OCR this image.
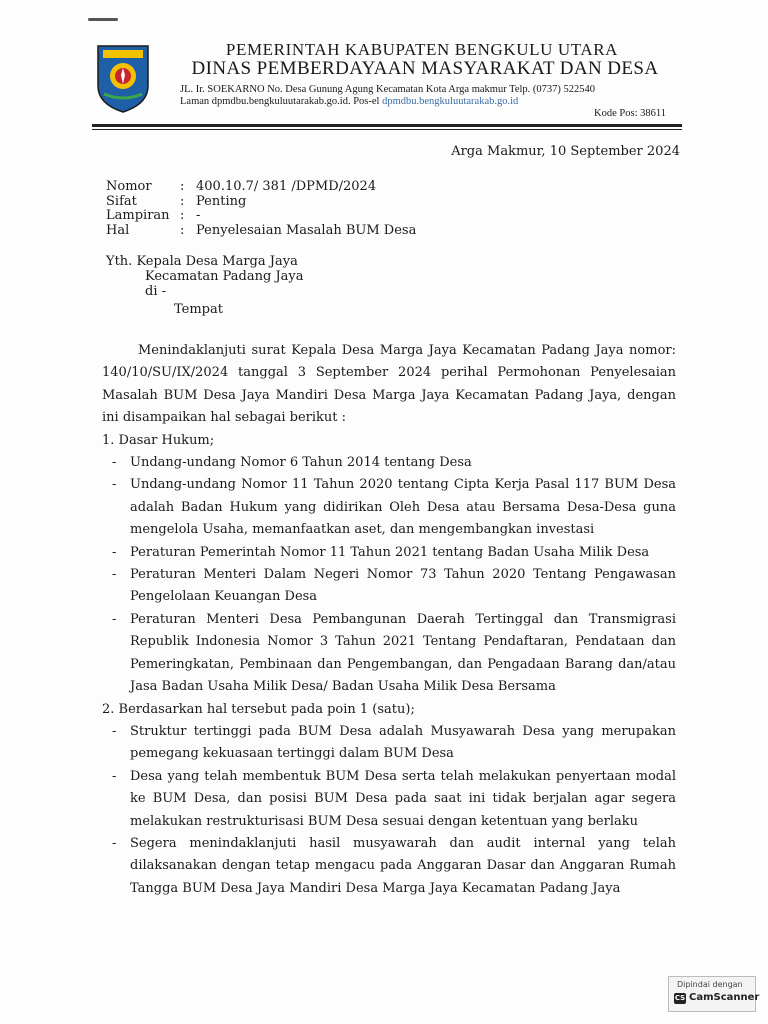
PEMERINTAH KABUPATEN BENGKULU UTARA
DINAS PEMBERDAYAAN MASYARAKAT DAN DESA
JL. Ir. SOEKARNO No. Desa Gunung Agung Kecamatan Kota Arga makmur Telp. (0737) 522540
Laman dpmdbu.bengkuluutarakab.go.id. Pos-el dpmdbu.bengkuluutarakab.go.id
Kode Pos: 38611
Arga Makmur, 10 September 2024
Nomor	: 400.10.7/ 381 /DPMD/2024
Sifat	: Penting
Lampiran : -
Hal	: Penyelesaian Masalah BUM Desa
Yth. Kepala Desa Marga Jaya
Kecamatan Padang Jaya
di -
Tempat

Menindaklanjuti surat Kepala Desa Marga Jaya Kecamatan Padang Jaya nomor: 140/10/SU/IX/2024 tanggal 3 September 2024 perihal Permohonan Penyelesaian Masalah BUM Desa Jaya Mandiri Desa Marga Jaya Kecamatan Padang Jaya, dengan ini disampaikan hal sebagai berikut :

1. Dasar Hukum;

-	Undang-undang Nomor 6 Tahun 2014 tentang Desa
-	Undang-undang Nomor 11 Tahun 2020 tentang Cipta Kerja Pasal 117 BUM Desa adalah Badan Hukum yang didirikan Oleh Desa atau Bersama Desa-Desa guna mengelola Usaha, memanfaatkan aset, dan mengembangkan investasi
-	Peraturan Pemerintah Nomor 11 Tahun 2021 tentang Badan Usaha Milik Desa
-	Peraturan Menteri Dalam Negeri Nomor 73 Tahun 2020 Tentang Pengawasan Pengelolaan Keuangan Desa
-	Peraturan Menteri Desa Pembangunan Daerah Tertinggal dan Transmigrasi Republik Indonesia Nomor 3 Tahun 2021 Tentang Pendaftaran, Pendataan dan Pemeringkatan, Pembinaan dan Pengembangan, dan Pengadaan Barang dan/atau Jasa Badan Usaha Milik Desa/ Badan Usaha Milik Desa Bersama

2. Berdasarkan hal tersebut pada poin 1 (satu);

-	Struktur tertinggi pada BUM Desa adalah Musyawarah Desa yang merupakan pemegang kekuasaan tertinggi dalam BUM Desa
-	Desa yang telah membentuk BUM Desa serta telah melakukan penyertaan modal ke BUM Desa, dan posisi BUM Desa pada saat ini tidak berjalan agar segera melakukan restrukturisasi BUM Desa sesuai dengan ketentuan yang berlaku
-	Segera menindaklanjuti hasil musyawarah dan audit internal yang telah dilaksanakan dengan tetap mengacu pada Anggaran Dasar dan Anggaran Rumah Tangga BUM Desa Jaya Mandiri Desa Marga Jaya Kecamatan Padang Jaya
Dipindai dengan
CS CamScanner
